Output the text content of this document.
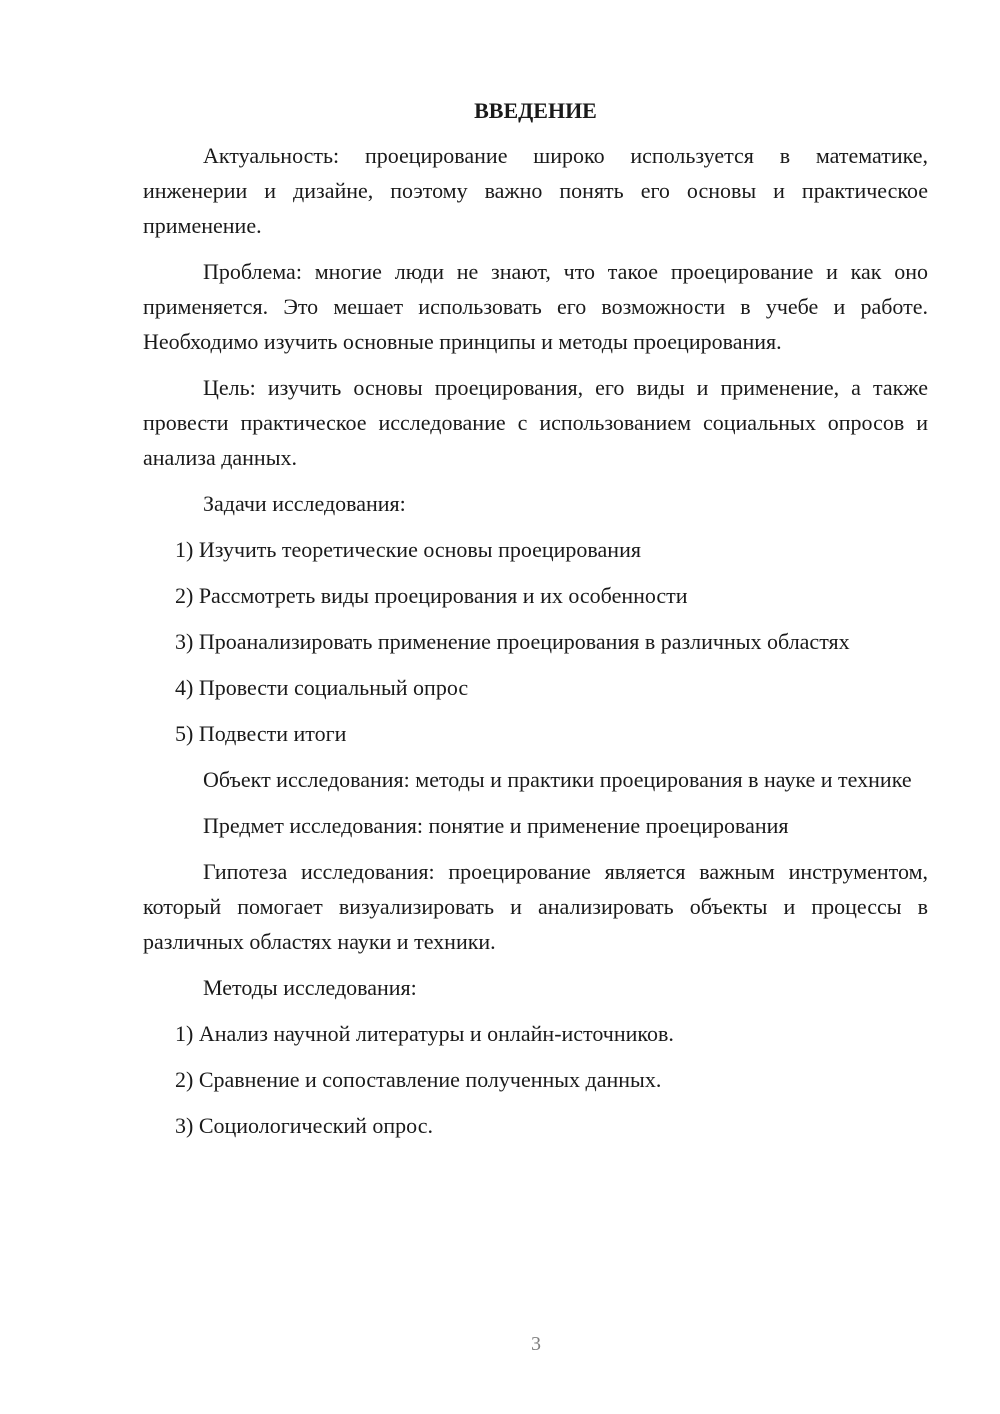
ВВЕДЕНИЕ

Актуальность: проецирование широко используется в математике, инженерии и дизайне, поэтому важно понять его основы и практическое применение.

Проблема: многие люди не знают, что такое проецирование и как оно применяется. Это мешает использовать его возможности в учебе и работе. Необходимо изучить основные принципы и методы проецирования.

Цель: изучить основы проецирования, его виды и применение, а также провести практическое исследование с использованием социальных опросов и анализа данных.

Задачи исследования:

1) Изучить теоретические основы проецирования

2) Рассмотреть виды проецирования и их особенности

3) Проанализировать применение проецирования в различных областях

4) Провести социальный опрос

5) Подвести итоги

Объект исследования: методы и практики проецирования в науке и технике

Предмет исследования: понятие и применение проецирования

Гипотеза исследования: проецирование является важным инструментом, который помогает визуализировать и анализировать объекты и процессы в различных областях науки и техники.

Методы исследования:

1) Анализ научной литературы и онлайн-источников.

2) Сравнение и сопоставление полученных данных.

3) Социологический опрос.

3
